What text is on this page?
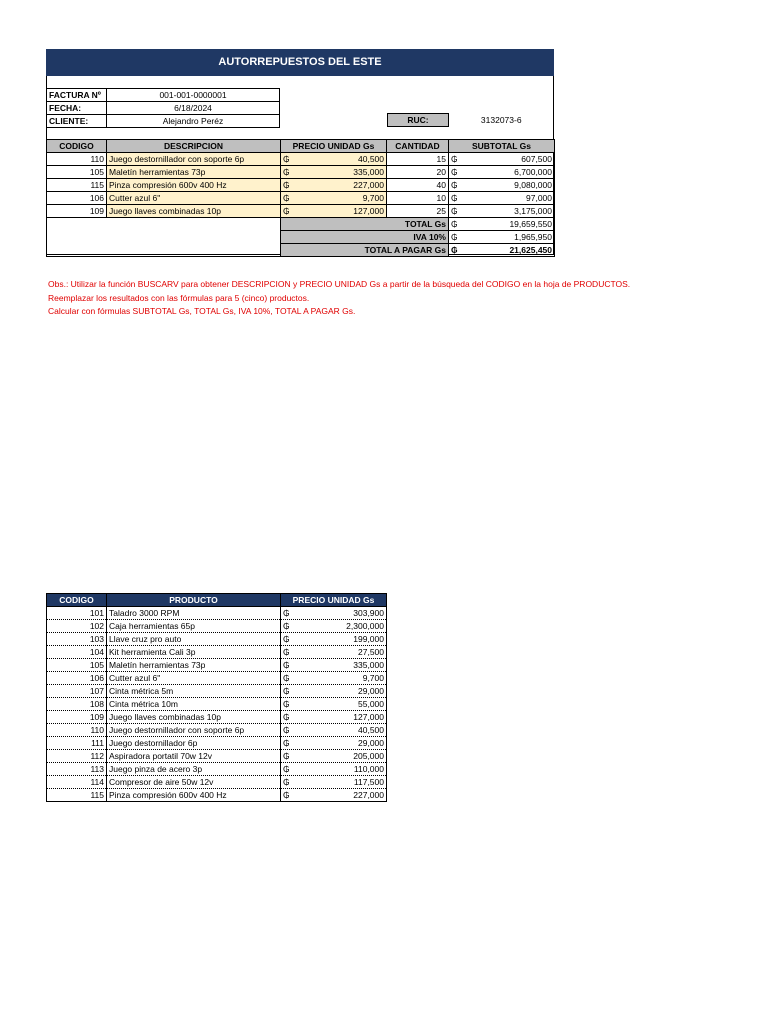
AUTORREPUESTOS DEL ESTE
FACTURA Nº	001-001-0000001
FECHA:	6/18/2024
CLIENTE:	Alejandro Peréz	RUC:	3132073-6
CODIGO	DESCRIPCION	PRECIO UNIDAD Gs	CANTIDAD	SUBTOTAL Gs
110	Juego destornillador con soporte 6p	₲ 40,500	15	₲ 607,500

105	Maletín herramientas 73p	₲ 335,000	20	₲ 6,700,000

115	Pinza compresión 600v 400 Hz	₲ 227,000	40	₲ 9,080,000

106	Cutter azul 6"	₲ 9,700	10	₲ 97,000

109	Juego llaves combinadas 10p	₲ 127,000	25	₲ 3,175,000

		TOTAL Gs		₲ 19,659,550

		IVA 10%		₲ 1,965,950

		TOTAL A PAGAR Gs		₲ 21,625,450
Obs.: Utilizar la función BUSCARV para obtener DESCRIPCION y PRECIO UNIDAD Gs a partir de la búsqueda del CODIGO en la hoja de PRODUCTOS.
Reemplazar los resultados con las fórmulas para 5 (cinco) productos.
Calcular con fórmulas SUBTOTAL Gs, TOTAL Gs, IVA 10%, TOTAL A PAGAR Gs.
CODIGO	PRODUCTO	PRECIO UNIDAD Gs
101	Taladro 3000 RPM	₲ 303,900

102	Caja herramientas 65p	₲ 2,300,000

103	Llave cruz pro auto	₲ 199,000

104	Kit herramienta Cali 3p	₲ 27,500

105	Maletín herramientas 73p	₲ 335,000

106	Cutter azul 6"	₲ 9,700

107	Cinta métrica 5m	₲ 29,000

108	Cinta métrica 10m	₲ 55,000

109	Juego llaves combinadas 10p	₲ 127,000

110	Juego destornillador con soporte 6p	₲ 40,500

111	Juego destornillador 6p	₲ 29,000

112	Aspiradora portatil 70w 12v	₲ 205,000

113	Juego pinza de acero 3p	₲ 110,000

114	Compresor de aire 50w 12v	₲ 117,500

115	Pinza compresión 600v 400 Hz	₲ 227,000
